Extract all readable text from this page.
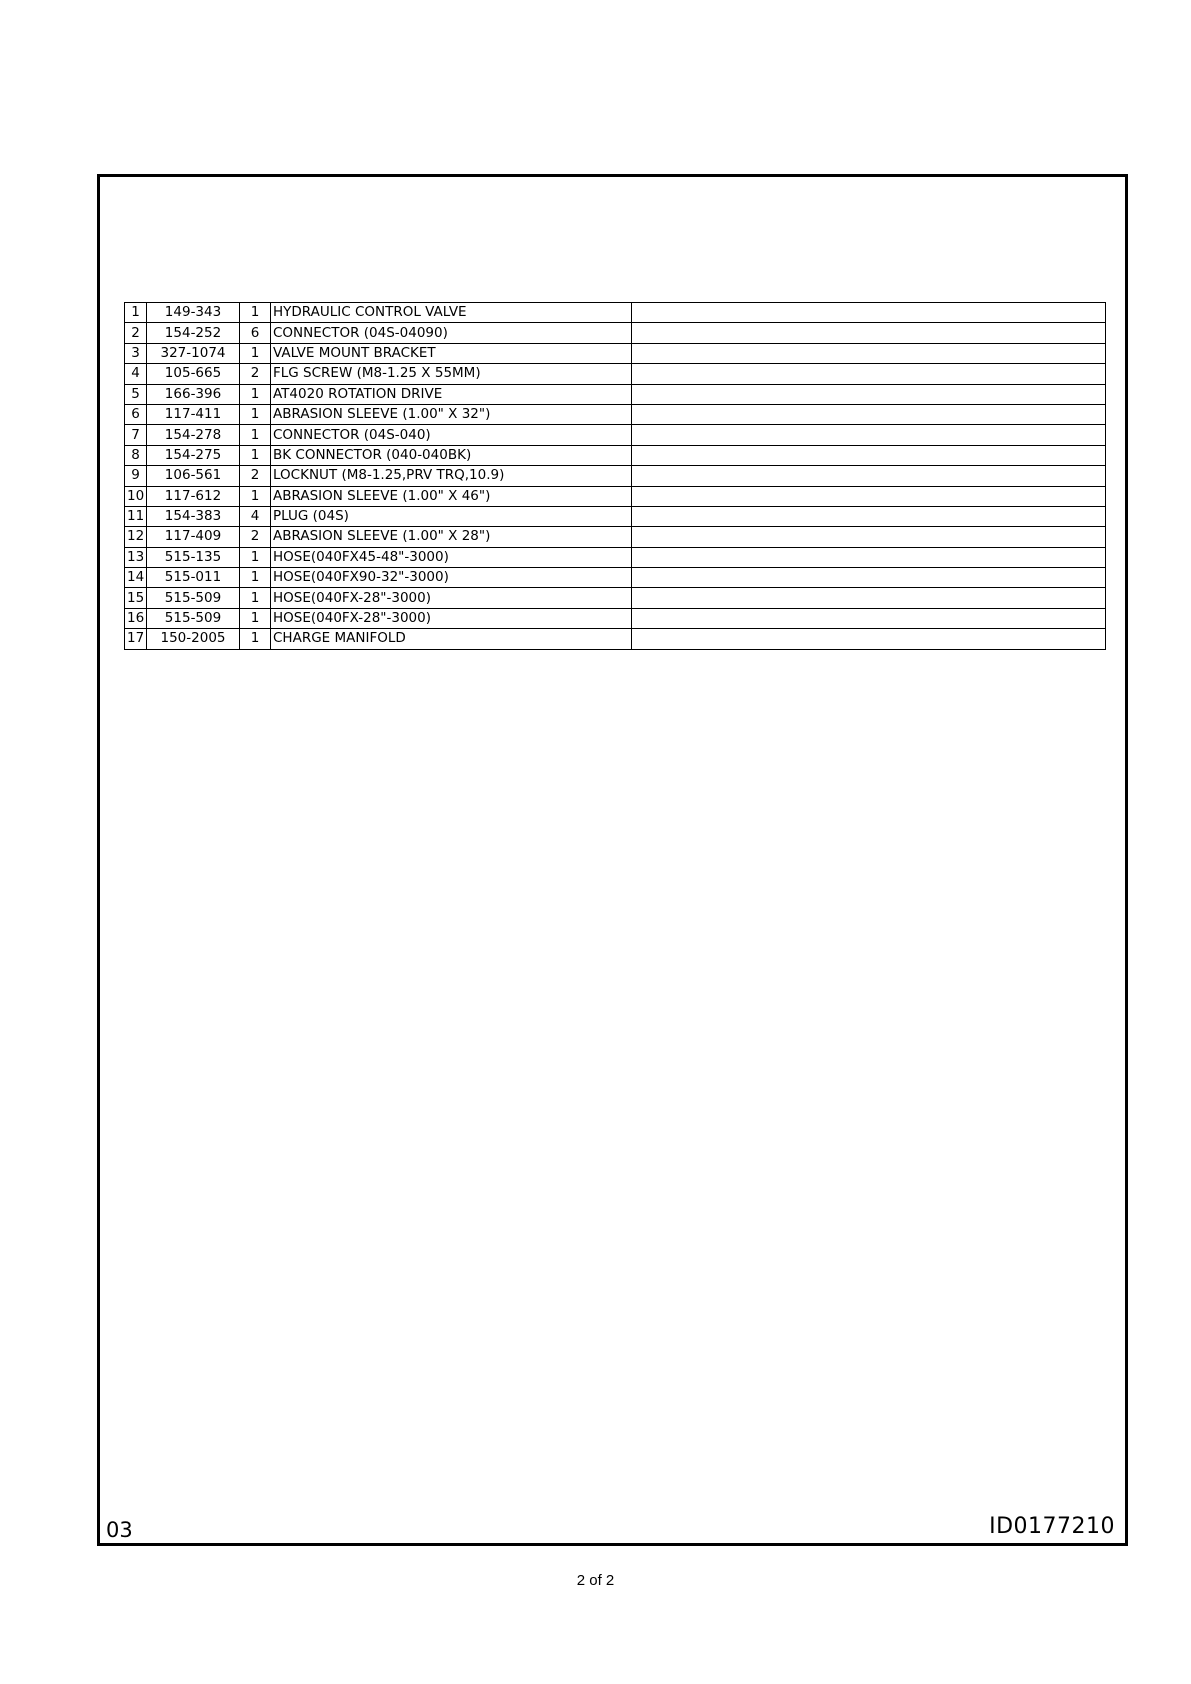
1	149-343	1	HYDRAULIC CONTROL VALVE	
2	154-252	6	CONNECTOR (04S-04090)	
3	327-1074	1	VALVE MOUNT BRACKET	
4	105-665	2	FLG SCREW (M8-1.25 X 55MM)	
5	166-396	1	AT4020 ROTATION DRIVE	
6	117-411	1	ABRASION SLEEVE (1.00" X 32")	
7	154-278	1	CONNECTOR (04S-040)	
8	154-275	1	BK CONNECTOR (040-040BK)	
9	106-561	2	LOCKNUT (M8-1.25,PRV TRQ,10.9)	
10	117-612	1	ABRASION SLEEVE (1.00" X 46")	
11	154-383	4	PLUG (04S)	
12	117-409	2	ABRASION SLEEVE (1.00" X 28")	
13	515-135	1	HOSE(040FX45-48"-3000)	
14	515-011	1	HOSE(040FX90-32"-3000)	
15	515-509	1	HOSE(040FX-28"-3000)	
16	515-509	1	HOSE(040FX-28"-3000)	
17	150-2005	1	CHARGE MANIFOLD	
03	ID0177210
2 of 2
